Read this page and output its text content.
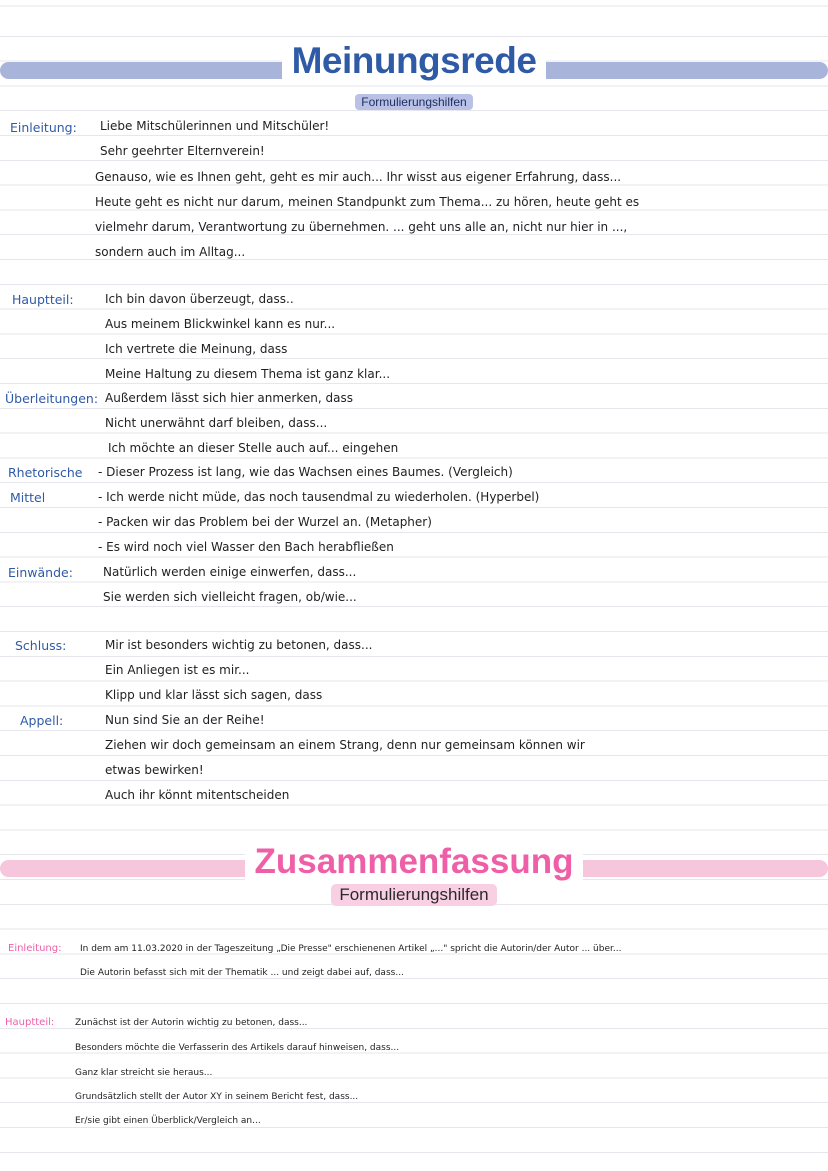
Meinungsrede
Formulierungshilfen

Einleitung: Liebe Mitschülerinnen und Mitschüler!

Sehr geehrter Elternverein!

Genauso, wie es Ihnen geht, geht es mir auch... Ihr wisst aus eigener Erfahrung, dass...

Heute geht es nicht nur darum, meinen Standpunkt zum Thema... zu hören, heute geht es

vielmehr darum, Verantwortung zu übernehmen. ... geht uns alle an, nicht nur hier in ...,

sondern auch im Alltag...

Hauptteil:	Ich bin davon überzeugt, dass..

Aus meinem Blickwinkel kann es nur...

Ich vertrete die Meinung, dass

Meine Haltung zu diesem Thema ist ganz klar...

Überleitungen: Außerdem lässt sich hier anmerken, dass

Nicht unerwähnt darf bleiben, dass...

Ich möchte an dieser Stelle auch auf... eingehen

Rhetorische

Mittel

- Dieser Prozess ist lang, wie das Wachsen eines Baumes. (Vergleich)

- Ich werde nicht müde, das noch tausendmal zu wiederholen. (Hyperbel)

- Packen wir das Problem bei der Wurzel an. (Metapher)

- Es wird noch viel Wasser den Bach herabfließen

Einwände:	Natürlich werden einige einwerfen, dass...

Sie werden sich vielleicht fragen, ob/wie...

Schluss:	Mir ist besonders wichtig zu betonen, dass...

Ein Anliegen ist es mir...

Klipp und klar lässt sich sagen, dass

Appell:	Nun sind Sie an der Reihe!

Ziehen wir doch gemeinsam an einem Strang, denn nur gemeinsam können wir

etwas bewirken!

Auch ihr könnt mitentscheiden

Zusammenfassung
Formulierungshilfen

Einleitung: In dem am 11.03.2020 in der Tageszeitung „Die Presse" erschienenen Artikel „..." spricht die Autorin/der Autor ... über...

Die Autorin befasst sich mit der Thematik ... und zeigt dabei auf, dass...

Hauptteil: Zunächst ist der Autorin wichtig zu betonen, dass...

Besonders möchte die Verfasserin des Artikels darauf hinweisen, dass...

Ganz klar streicht sie heraus...

Grundsätzlich stellt der Autor XY in seinem Bericht fest, dass...

Er/sie gibt einen Überblick/Vergleich an...
